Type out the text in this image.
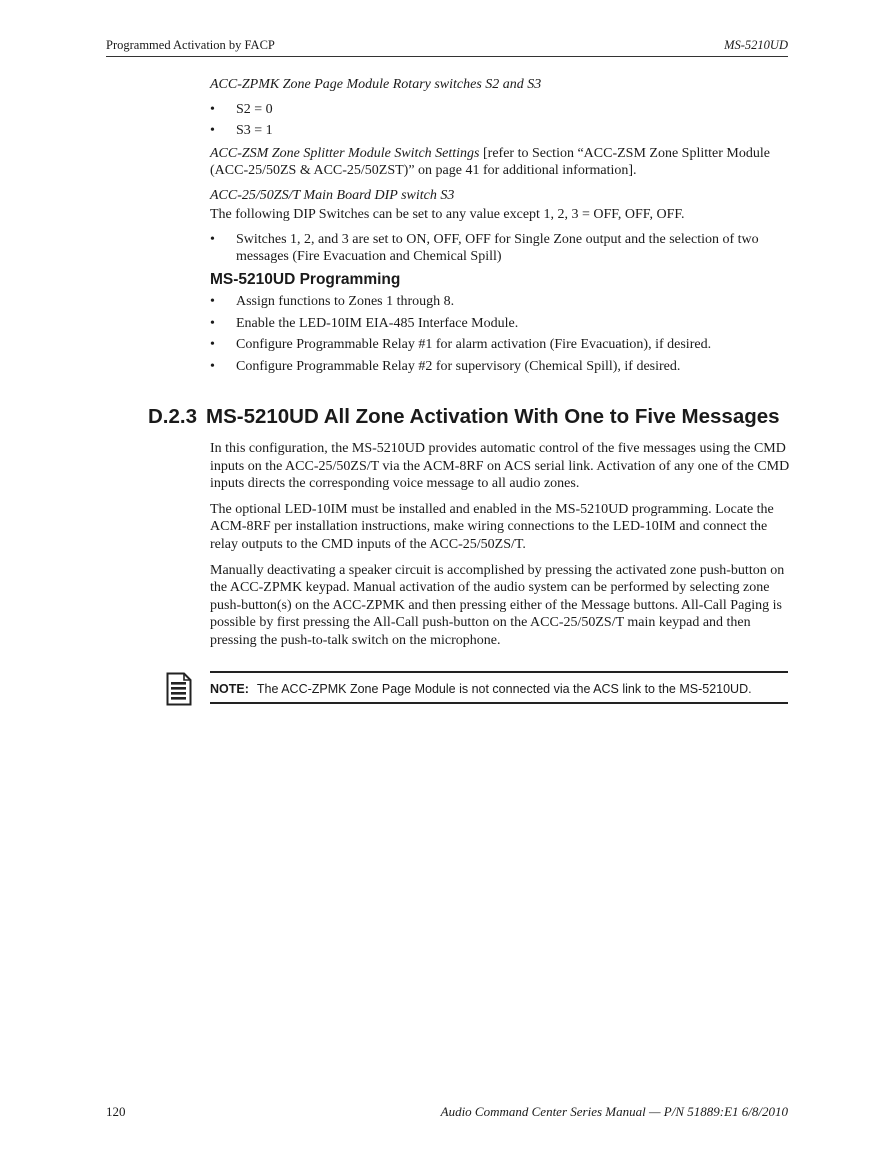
Programmed Activation by FACP	MS-5210UD

ACC-ZPMK Zone Page Module Rotary switches S2 and S3

• S2 = 0
• S3 = 1

ACC-ZSM Zone Splitter Module Switch Settings [refer to Section “ACC-ZSM Zone Splitter Module (ACC-25/50ZS & ACC-25/50ZST)” on page 41 for additional information].

ACC-25/50ZS/T Main Board DIP switch S3

The following DIP Switches can be set to any value except 1, 2, 3 = OFF, OFF, OFF.

• Switches 1, 2, and 3 are set to ON, OFF, OFF for Single Zone output and the selection of two messages (Fire Evacuation and Chemical Spill)
MS-5210UD Programming
• Assign functions to Zones 1 through 8.
• Enable the LED-10IM EIA-485 Interface Module.
• Configure Programmable Relay #1 for alarm activation (Fire Evacuation), if desired.
• Configure Programmable Relay #2 for supervisory (Chemical Spill), if desired.
D.2.3 MS-5210UD All Zone Activation With One to Five Messages

In this configuration, the MS-5210UD provides automatic control of the five messages using the CMD inputs on the ACC-25/50ZS/T via the ACM-8RF on ACS serial link. Activation of any one of the CMD inputs directs the corresponding voice message to all audio zones.

The optional LED-10IM must be installed and enabled in the MS-5210UD programming. Locate the ACM-8RF per installation instructions, make wiring connections to the LED-10IM and connect the relay outputs to the CMD inputs of the ACC-25/50ZS/T.

Manually deactivating a speaker circuit is accomplished by pressing the activated zone push-button on the ACC-ZPMK keypad. Manual activation of the audio system can be performed by selecting zone push-button(s) on the ACC-ZPMK and then pressing either of the Message buttons. All-Call Paging is possible by first pressing the All-Call push-button on the ACC-25/50ZS/T main keypad and then pressing the push-to-talk switch on the microphone.

NOTE: The ACC-ZPMK Zone Page Module is not connected via the ACS link to the MS-5210UD.
120	Audio Command Center Series Manual — P/N 51889:E1 6/8/2010
